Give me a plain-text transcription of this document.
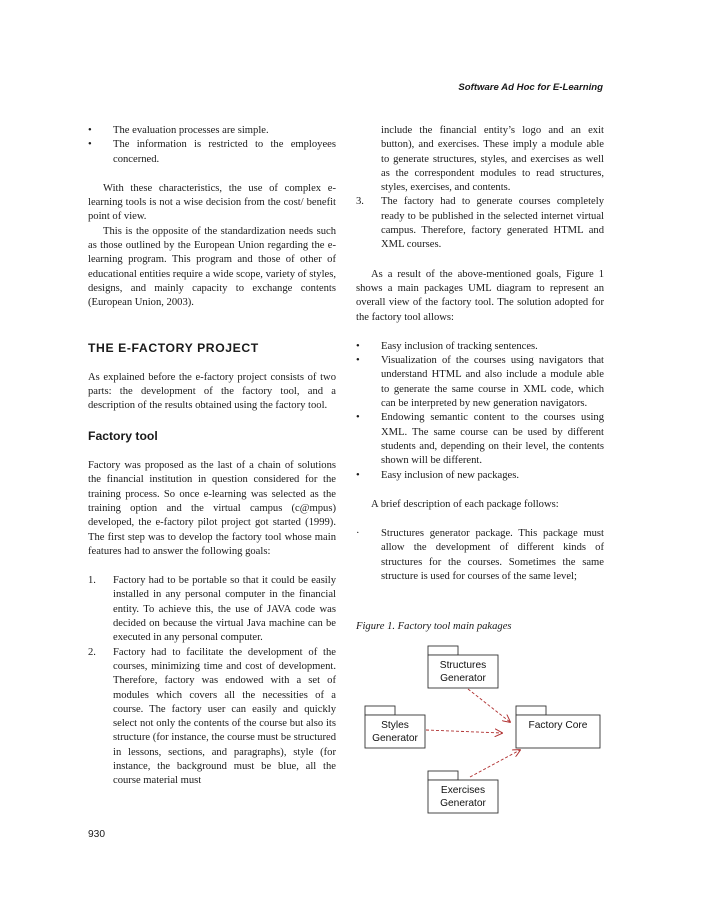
Software Ad Hoc for E-Learning
•	The evaluation processes are simple.
•	The information is restricted to the employees concerned.

With these characteristics, the use of complex e-learning tools is not a wise decision from the cost/ benefit point of view.

This is the opposite of the standardization needs such as those outlined by the European Union regarding the e-learning program. This program and those of other of educational entities require a wide scope, variety of styles, designs, and mainly capacity to exchange contents (European Union, 2003).

THE E-FACTORY PROJECT

As explained before the e-factory project consists of two parts: the development of the factory tool, and a description of the results obtained using the factory tool.

Factory tool

Factory was proposed as the last of a chain of solutions the financial institution in question considered for the training process. So once e-learning was selected as the training option and the virtual campus (c@mpus) developed, the e-factory pilot project got started (1999). The first step was to develop the factory tool whose main features had to answer the following goals:

1.	Factory had to be portable so that it could be easily installed in any personal computer in the financial entity. To achieve this, the use of JAVA code was decided on because the virtual Java machine can be executed in any personal computer.
2.	Factory had to facilitate the development of the courses, minimizing time and cost of development. Therefore, factory was endowed with a set of modules which covers all the necessities of a course. The factory user can easily and quickly select not only the contents of the course but also its structure (for instance, the course must be structured in lessons, sections, and paragraphs), style (for instance, the background must be blue, all the course material must
include the financial entity’s logo and an exit button), and exercises. These imply a module able to generate structures, styles, and exercises as well as the correspondent modules to read structures, styles, exercises, and contents.
3.	The factory had to generate courses completely ready to be published in the selected internet virtual campus. Therefore, factory generated HTML and XML courses.

As a result of the above-mentioned goals, Figure 1 shows a main packages UML diagram to represent an overall view of the factory tool. The solution adopted for the factory tool allows:

•	Easy inclusion of tracking sentences.
•	Visualization of the courses using navigators that understand HTML and also include a module able to generate the same course in XML code, which can be interpreted by new generation navigators.
•	Endowing semantic content to the courses using XML. The same course can be used by different students and, depending on their level, the contents shown will be different.
•	Easy inclusion of new packages.

A brief description of each package follows:

·	Structures generator package. This package must allow the development of different kinds of structures for the courses. Sometimes the same structure is used for courses of the same level;
Figure 1. Factory tool main pakages
Structures
Generator
Styles
Generator
Factory Core
Exercises
Generator
930
